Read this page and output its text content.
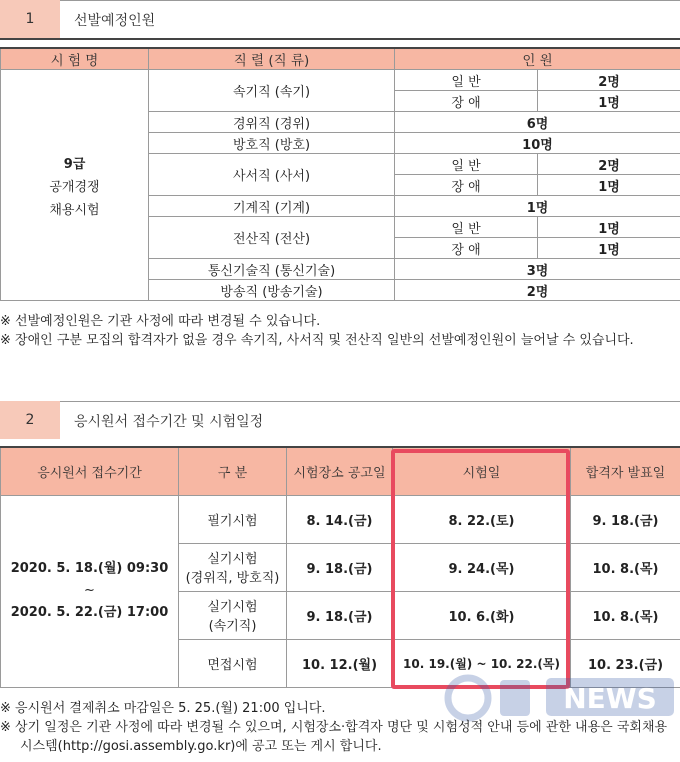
1	선발예정인원
시 험 명	직 렬 (직 류)	인 원	

9급
공개경쟁
채용시험	속기직 (속기)	일 반	2명
		장 애	1명
	경위직 (경위)	6명	
	방호직 (방호)	10명	
	사서직 (사서)	일 반	2명
		장 애	1명
	기계직 (기계)	1명	
	전산직 (전산)	일 반	1명
		장 애	1명
	통신기술직 (통신기술)	3명	
	방송직 (방송기술)	2명	

※ 선발예정인원은 기관 사정에 따라 변경될 수 있습니다.

※ 장애인 구분 모집의 합격자가 없을 경우 속기직, 사서직 및 전산직 일반의 선발예정인원이 늘어날 수 있습니다.

2	응시원서 접수기간 및 시험일정
응시원서 접수기간	구 분	시험장소 공고일	시험일	합격자 발표일

2020. 5. 18.(월) 09:30
~
2020. 5. 22.(금) 17:00	필기시험	8. 14.(금)	8. 22.(토)	9. 18.(금)

	실기시험
(경위직, 방호직)	9. 18.(금)	9. 24.(목)	10. 8.(목)

	실기시험
(속기직)	9. 18.(금)	10. 6.(화)	10. 8.(목)
	면접시험	10. 12.(월)	10. 19.(월) ~ 10. 22.(목)	10. 23.(금)
NEWS

※ 응시원서 결제취소 마감일은 5. 25.(월) 21:00 입니다.

※ 상기 일정은 기관 사정에 따라 변경될 수 있으며, 시험장소·합격자 명단 및 시험성적 안내 등에 관한 내용은 국회채용 시스템(http://gosi.assembly.go.kr)에 공고 또는 게시 합니다.
